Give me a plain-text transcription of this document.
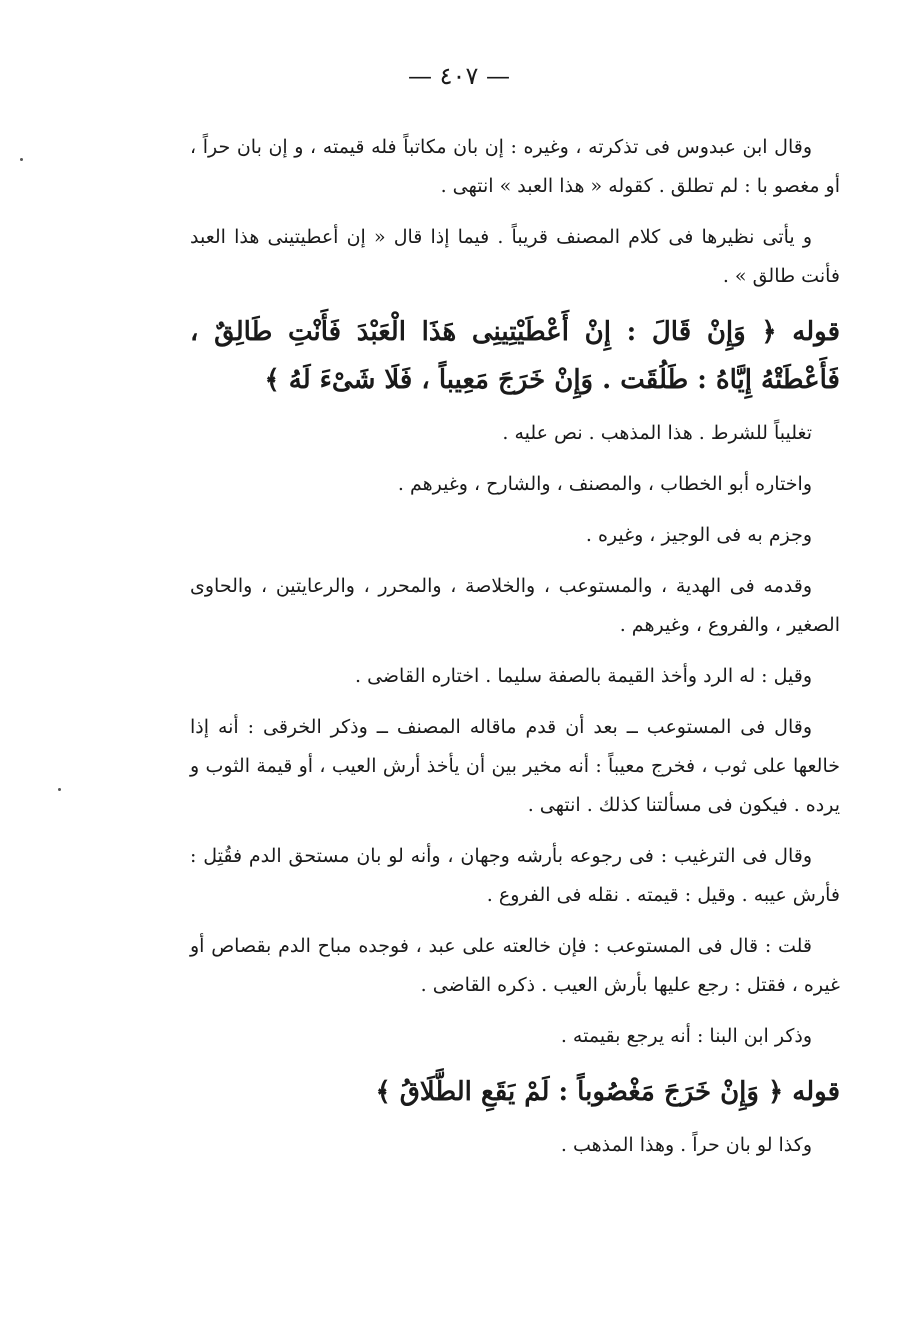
— ٤٠٧ —

وقال ابن عبدوس فى تذكرته ، وغيره : إن بان مكاتباً فله قيمته ، و إن بان حراً ، أو مغصو با : لم تطلق . كقوله « هذا العبد » انتهى .

و يأتى نظيرها فى كلام المصنف قريباً . فيما إذا قال « إن أعطيتينى هذا العبد فأنت طالق » .

قوله ﴿ وَإِنْ قَالَ : إِنْ أَعْطَيْتِينِى هَذَا الْعَبْدَ فَأَنْتِ طَالِقٌ ، فَأَعْطَتْهُ إِيَّاهُ : طَلُقَت . وَإِنْ خَرَجَ مَعِيباً ، فَلَا شَىْءَ لَهُ ﴾

تغليباً للشرط . هذا المذهب . نص عليه .

واختاره أبو الخطاب ، والمصنف ، والشارح ، وغيرهم .

وجزم به فى الوجيز ، وغيره .

وقدمه فى الهدية ، والمستوعب ، والخلاصة ، والمحرر ، والرعايتين ، والحاوى الصغير ، والفروع ، وغيرهم .

وقيل : له الرد وأخذ القيمة بالصفة سليما . اختاره القاضى .

وقال فى المستوعب ــ بعد أن قدم ماقاله المصنف ــ وذكر الخرقى : أنه إذا خالعها على ثوب ، فخرج معيباً : أنه مخير بين أن يأخذ أرش العيب ، أو قيمة الثوب و يرده . فيكون فى مسألتنا كذلك . انتهى .

وقال فى الترغيب : فى رجوعه بأرشه وجهان ، وأنه لو بان مستحق الدم فقُتِل : فأرش عيبه . وقيل : قيمته . نقله فى الفروع .

قلت : قال فى المستوعب : فإن خالعته على عبد ، فوجده مباح الدم بقصاص أو غيره ، فقتل : رجع عليها بأرش العيب . ذكره القاضى .

وذكر ابن البنا : أنه يرجع بقيمته .

قوله ﴿ وَإِنْ خَرَجَ مَغْصُوباً : لَمْ يَقَعِ الطَّلَاقُ ﴾

وكذا لو بان حراً . وهذا المذهب .
